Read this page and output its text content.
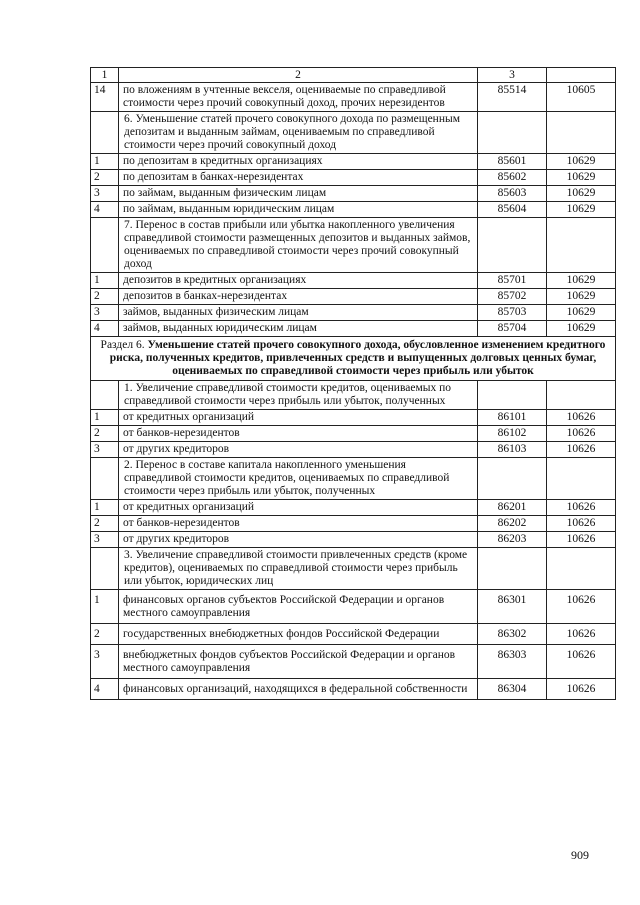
1	2	3	
14	по вложениям в учтенные векселя, оцениваемые по справедливой стоимости через прочий совокупный доход, прочих нерезидентов	85514	10605
	6. Уменьшение статей прочего совокупного дохода по размещенным депозитам и выданным займам, оцениваемым по справедливой стоимости через прочий совокупный доход		
1	по депозитам в кредитных организациях	85601	10629
2	по депозитам в банках-нерезидентах	85602	10629
3	по займам, выданным физическим лицам	85603	10629
4	по займам, выданным юридическим лицам	85604	10629
	7. Перенос в состав прибыли или убытка накопленного увеличения справедливой стоимости размещенных депозитов и выданных займов, оцениваемых по справедливой стоимости через прочий совокупный доход		
1	депозитов в кредитных организациях	85701	10629
2	депозитов в банках-нерезидентах	85702	10629
3	займов, выданных физическим лицам	85703	10629
4	займов, выданных юридическим лицам	85704	10629
Раздел 6. Уменьшение статей прочего совокупного дохода, обусловленное изменением кредитного риска, полученных кредитов, привлеченных средств и выпущенных долговых ценных бумаг, оцениваемых по справедливой стоимости через прибыль или убыток			
	1. Увеличение справедливой стоимости кредитов, оцениваемых по справедливой стоимости через прибыль или убыток, полученных		
1	от кредитных организаций	86101	10626
2	от банков-нерезидентов	86102	10626
3	от других кредиторов	86103	10626
	2. Перенос в составе капитала накопленного уменьшения справедливой стоимости кредитов, оцениваемых по справедливой стоимости через прибыль или убыток, полученных		
1	от кредитных организаций	86201	10626
2	от банков-нерезидентов	86202	10626
3	от других кредиторов	86203	10626
	3. Увеличение справедливой стоимости привлеченных средств (кроме кредитов), оцениваемых по справедливой стоимости через прибыль или убыток, юридических лиц		
1	финансовых органов субъектов Российской Федерации и органов местного самоуправления	86301	10626
2	государственных внебюджетных фондов Российской Федерации	86302	10626
3	внебюджетных фондов субъектов Российской Федерации и органов местного самоуправления	86303	10626
4	финансовых организаций, находящихся в федеральной собственности	86304	10626
909
